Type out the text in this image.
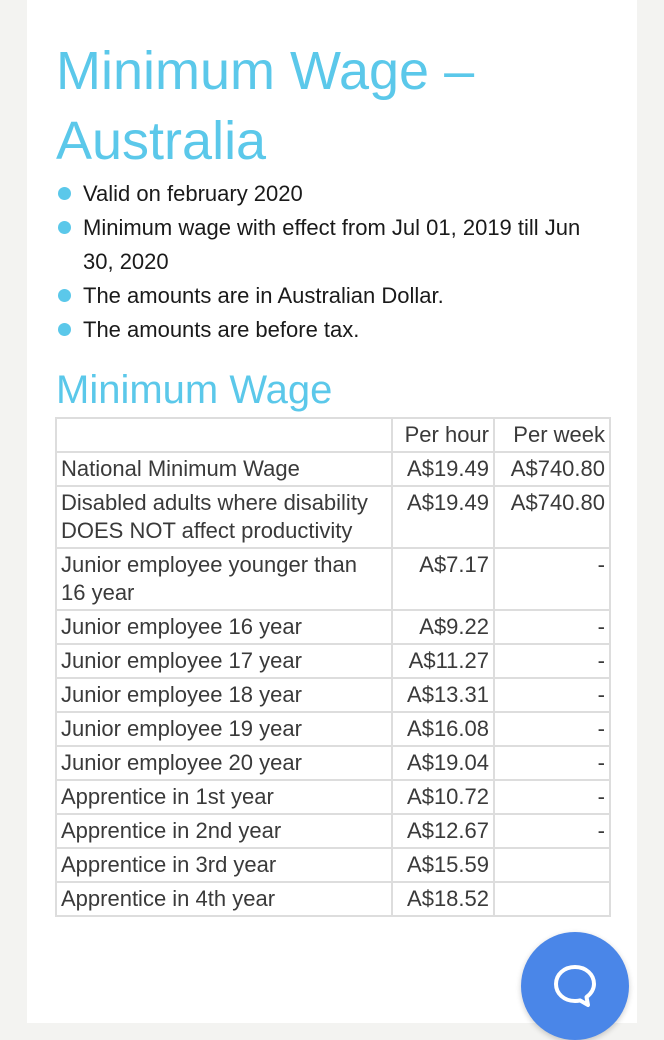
Minimum Wage – Australia
Valid on february 2020
Minimum wage with effect from Jul 01, 2019 till Jun 30, 2020
The amounts are in Australian Dollar.
The amounts are before tax.
Minimum Wage
	Per hour	Per week
National Minimum Wage	A$19.49	A$740.80
Disabled adults where disability DOES NOT affect productivity	A$19.49	A$740.80
Junior employee younger than 16 year	A$7.17	-
Junior employee 16 year	A$9.22	-
Junior employee 17 year	A$11.27	-
Junior employee 18 year	A$13.31	-
Junior employee 19 year	A$16.08	-
Junior employee 20 year	A$19.04	-
Apprentice in 1st year	A$10.72	-
Apprentice in 2nd year	A$12.67	-
Apprentice in 3rd year	A$15.59	
Apprentice in 4th year	A$18.52	
